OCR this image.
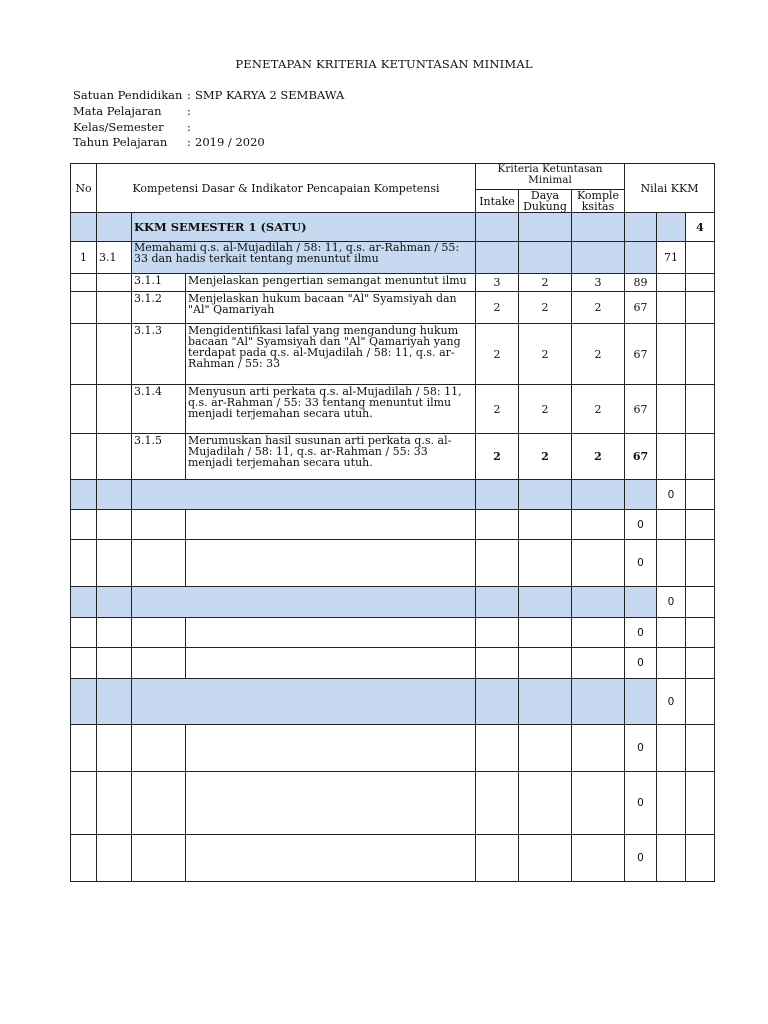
PENETAPAN KRITERIA KETUNTASAN MINIMAL
Satuan Pendidikan : SMP KARYA 2 SEMBAWA
Mata Pelajaran :
Kelas/Semester :
Tahun Pelajaran : 2019 / 2020
No	Kompetensi Dasar & Indikator Pencapaian Kompetensi			Kriteria Ketuntasan Minimal			Nilai KKM		
				Intake	Daya Dukung	Komple ksitas			
		KKM SEMESTER 1 (SATU)							4
1	3.1	Memahami q.s. al-Mujadilah / 58: 11, q.s. ar-Rahman / 55: 33 dan hadis terkait tentang menuntut ilmu						71	
		3.1.1	Menjelaskan pengertian semangat menuntut ilmu	3	2	3	89		
		3.1.2	Menjelaskan hukum bacaan "Al" Syamsiyah dan "Al" Qamariyah	2	2	2	67		
		3.1.3	Mengidentifikasi lafal yang mengandung hukum bacaan "Al" Syamsiyah dan "Al" Qamariyah yang terdapat pada q.s. al-Mujadilah / 58: 11, q.s. ar-Rahman / 55: 33	2	2	2	67		
		3.1.4	Menyusun arti perkata q.s. al-Mujadilah / 58: 11, q.s. ar-Rahman / 55: 33 tentang menuntut ilmu menjadi terjemahan secara utuh.	2	2	2	67		
		3.1.5	Merumuskan hasil susunan arti perkata q.s. al-Mujadilah / 58: 11, q.s. ar-Rahman / 55: 33 menjadi terjemahan secara utuh.	2	2	2	67		
								0	
							0		
							0		
								0	
							0		
							0		
								0	
							0		
							0		
							0		
